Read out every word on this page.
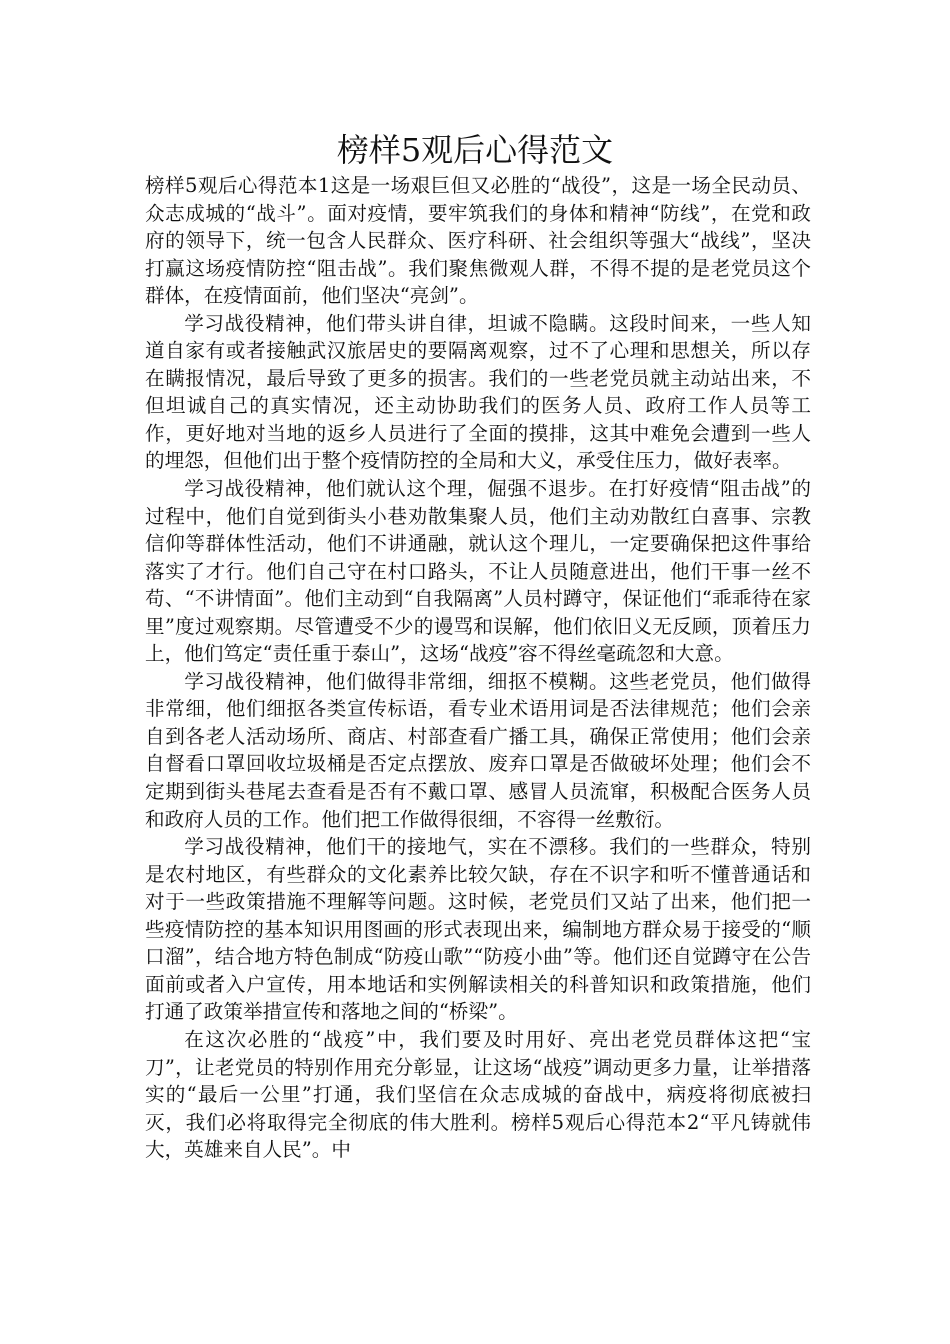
榜样5观后心得范文

榜样5观后心得范本1这是一场艰巨但又必胜的“战役”，这是一场全民动员、众志成城的“战斗”。面对疫情，要牢筑我们的身体和精神“防线”，在党和政府的领导下，统一包含人民群众、医疗科研、社会组织等强大“战线”，坚决打赢这场疫情防控“阻击战”。我们聚焦微观人群，不得不提的是老党员这个群体，在疫情面前，他们坚决“亮剑”。

学习战役精神，他们带头讲自律，坦诚不隐瞒。这段时间来，一些人知道自家有或者接触武汉旅居史的要隔离观察，过不了心理和思想关，所以存在瞒报情况，最后导致了更多的损害。我们的一些老党员就主动站出来，不但坦诚自己的真实情况，还主动协助我们的医务人员、政府工作人员等工作，更好地对当地的返乡人员进行了全面的摸排，这其中难免会遭到一些人的埋怨，但他们出于整个疫情防控的全局和大义，承受住压力，做好表率。

学习战役精神，他们就认这个理，倔强不退步。在打好疫情“阻击战”的过程中，他们自觉到街头小巷劝散集聚人员，他们主动劝散红白喜事、宗教信仰等群体性活动，他们不讲通融，就认这个理儿，一定要确保把这件事给落实了才行。他们自己守在村口路头，不让人员随意进出，他们干事一丝不苟、“不讲情面”。他们主动到“自我隔离”人员村蹲守，保证他们“乖乖待在家里”度过观察期。尽管遭受不少的谩骂和误解，他们依旧义无反顾，顶着压力上，他们笃定“责任重于泰山”，这场“战疫”容不得丝毫疏忽和大意。

学习战役精神，他们做得非常细，细抠不模糊。这些老党员，他们做得非常细，他们细抠各类宣传标语，看专业术语用词是否法律规范；他们会亲自到各老人活动场所、商店、村部查看广播工具，确保正常使用；他们会亲自督看口罩回收垃圾桶是否定点摆放、废弃口罩是否做破坏处理；他们会不定期到街头巷尾去查看是否有不戴口罩、感冒人员流窜，积极配合医务人员和政府人员的工作。他们把工作做得很细，不容得一丝敷衍。

学习战役精神，他们干的接地气，实在不漂移。我们的一些群众，特别是农村地区，有些群众的文化素养比较欠缺，存在不识字和听不懂普通话和对于一些政策措施不理解等问题。这时候，老党员们又站了出来，他们把一些疫情防控的基本知识用图画的形式表现出来，编制地方群众易于接受的“顺口溜”，结合地方特色制成“防疫山歌”“防疫小曲”等。他们还自觉蹲守在公告面前或者入户宣传，用本地话和实例解读相关的科普知识和政策措施，他们打通了政策举措宣传和落地之间的“桥梁”。

在这次必胜的“战疫”中，我们要及时用好、亮出老党员群体这把“宝刀”，让老党员的特别作用充分彰显，让这场“战疫”调动更多力量，让举措落实的“最后一公里”打通，我们坚信在众志成城的奋战中，病疫将彻底被扫灭，我们必将取得完全彻底的伟大胜利。榜样5观后心得范本2“平凡铸就伟大，英雄来自人民”。中
